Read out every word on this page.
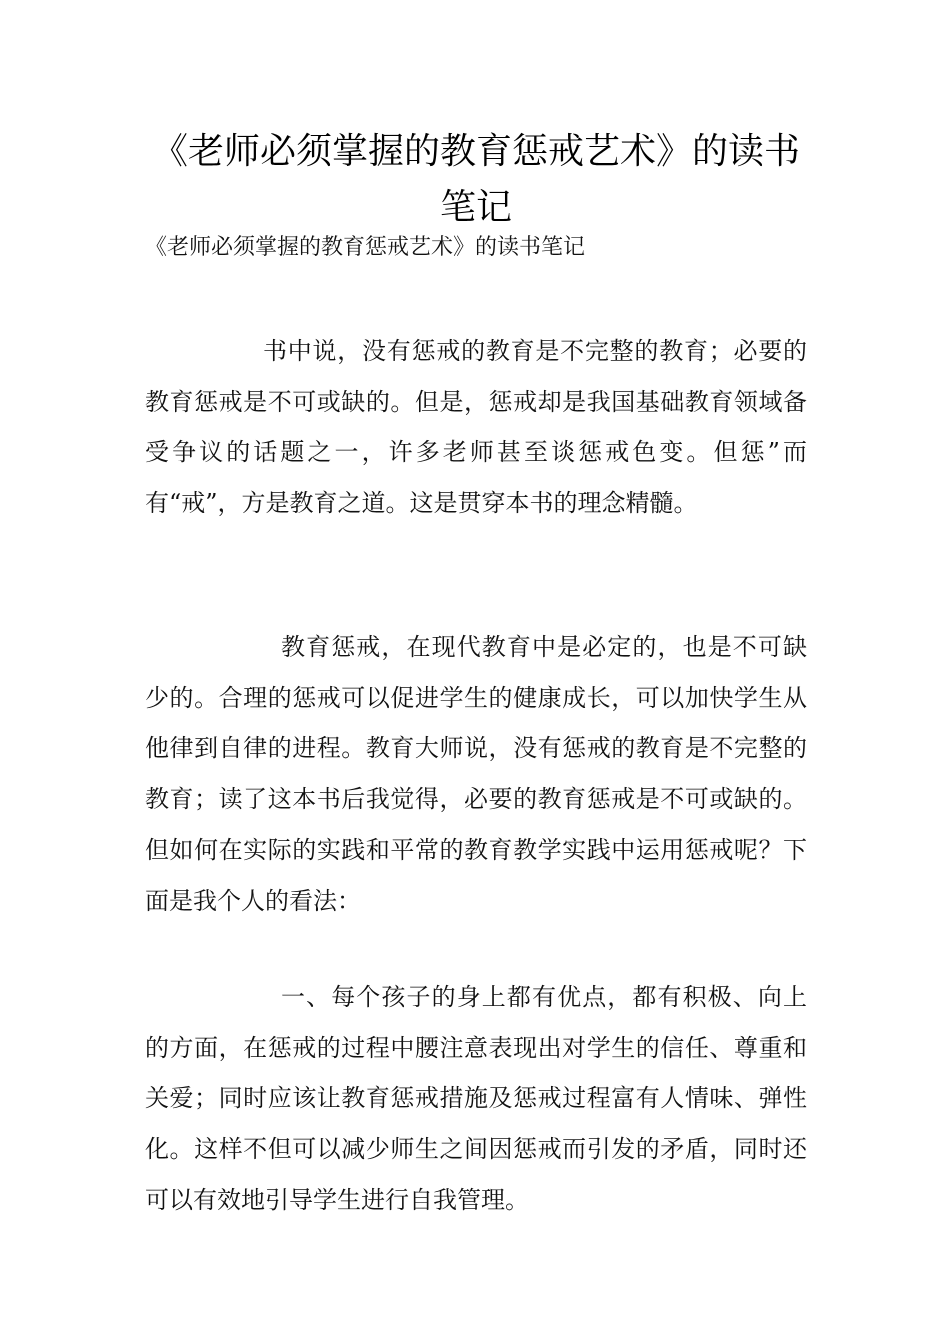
《老师必须掌握的教育惩戒艺术》的读书笔记

《老师必须掌握的教育惩戒艺术》的读书笔记

书中说，没有惩戒的教育是不完整的教育；必要的教育惩戒是不可或缺的。但是，惩戒却是我国基础教育领域备受争议的话题之一，许多老师甚至谈惩戒色变。但惩”而有“戒”，方是教育之道。这是贯穿本书的理念精髓。

教育惩戒，在现代教育中是必定的，也是不可缺少的。合理的惩戒可以促进学生的健康成长，可以加快学生从他律到自律的进程。教育大师说，没有惩戒的教育是不完整的教育；读了这本书后我觉得，必要的教育惩戒是不可或缺的。但如何在实际的实践和平常的教育教学实践中运用惩戒呢？下面是我个人的看法：

一、每个孩子的身上都有优点，都有积极、向上的方面，在惩戒的过程中腰注意表现出对学生的信任、尊重和关爱；同时应该让教育惩戒措施及惩戒过程富有人情味、弹性化。这样不但可以减少师生之间因惩戒而引发的矛盾，同时还可以有效地引导学生进行自我管理。
